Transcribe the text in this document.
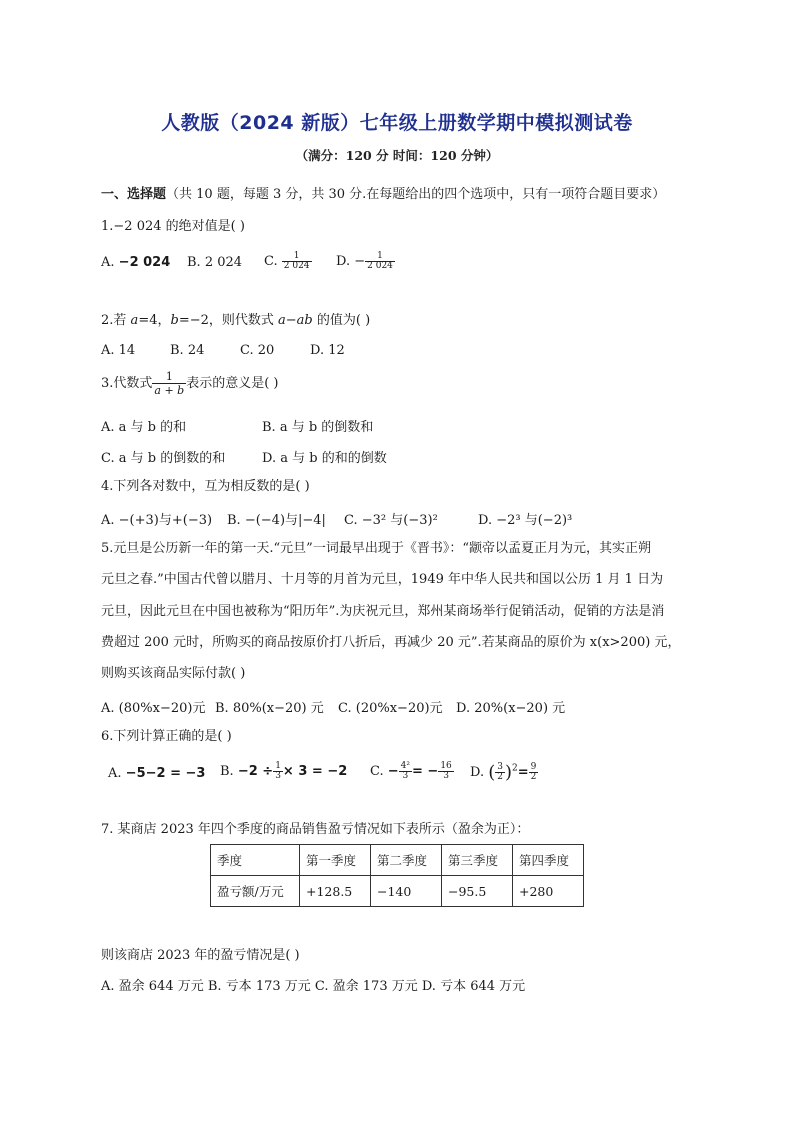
人教版（2024 新版）七年级上册数学期中模拟测试卷
（满分：120 分 时间：120 分钟）
一、选择题（共 10 题，每题 3 分，共 30 分.在每题给出的四个选项中，只有一项符合题目要求）
1.−2 024 的绝对值是( )
A. −2 024 B. 2 024 C. $\frac{1}{2 024} D$. − $\frac{1}{2 024}$
2.若 a=4，b=−2，则代数式 a−ab 的值为( )
A. 14	B. 24	C. 20	D. 12
3.代数式 $\frac{1}{a + b}$ 表示的意义是( )
A. a 与 b 的和	B. a 与 b 的倒数和
C. a 与 b 的倒数的和	D. a 与 b 的和的倒数
4.下列各对数中，互为相反数的是( )
A. −(+3)与+(−3) B. −(−4)与|−4| C. −3² 与(−3)²	D. −2³ 与(−2)³
5.元旦是公历新一年的第一天.“元旦”一词最早出现于《晋书》：“颛帝以孟夏正月为元，其实正朔
元旦之春.”中国古代曾以腊月、十月等的月首为元旦，1949 年中华人民共和国以公历 1 月 1 日为
元旦，因此元旦在中国也被称为“阳历年”.为庆祝元旦，郑州某商场举行促销活动，促销的方法是消
费超过 200 元时，所购买的商品按原价打八折后，再减少 20 元”.若某商品的原价为 x(x>200) 元，
则购买该商品实际付款( )
A. (80%x−20)元 B. 80%(x−20) 元 C. (20%x−20)元 D. 20%(x−20) 元
6.下列计算正确的是( )
A. −5−2 = −3 B. $-2 \div \frac{1}{3} \times 3 = -2$ C. − $\frac{\text{4²}}{3}$ = − $\frac{16}{3} D$. ( $\frac{3}{2} )^2= \frac{9}{2}$
7. 某商店 2023 年四个季度的商品销售盈亏情况如下表所示（盈余为正）：
季度	第一季度	第二季度	第三季度	第四季度
盈亏额/万元	+128.5	−140	−95.5	+280
则该商店 2023 年的盈亏情况是( )
A. 盈余 644 万元 B. 亏本 173 万元 C. 盈余 173 万元 D. 亏本 644 万元
